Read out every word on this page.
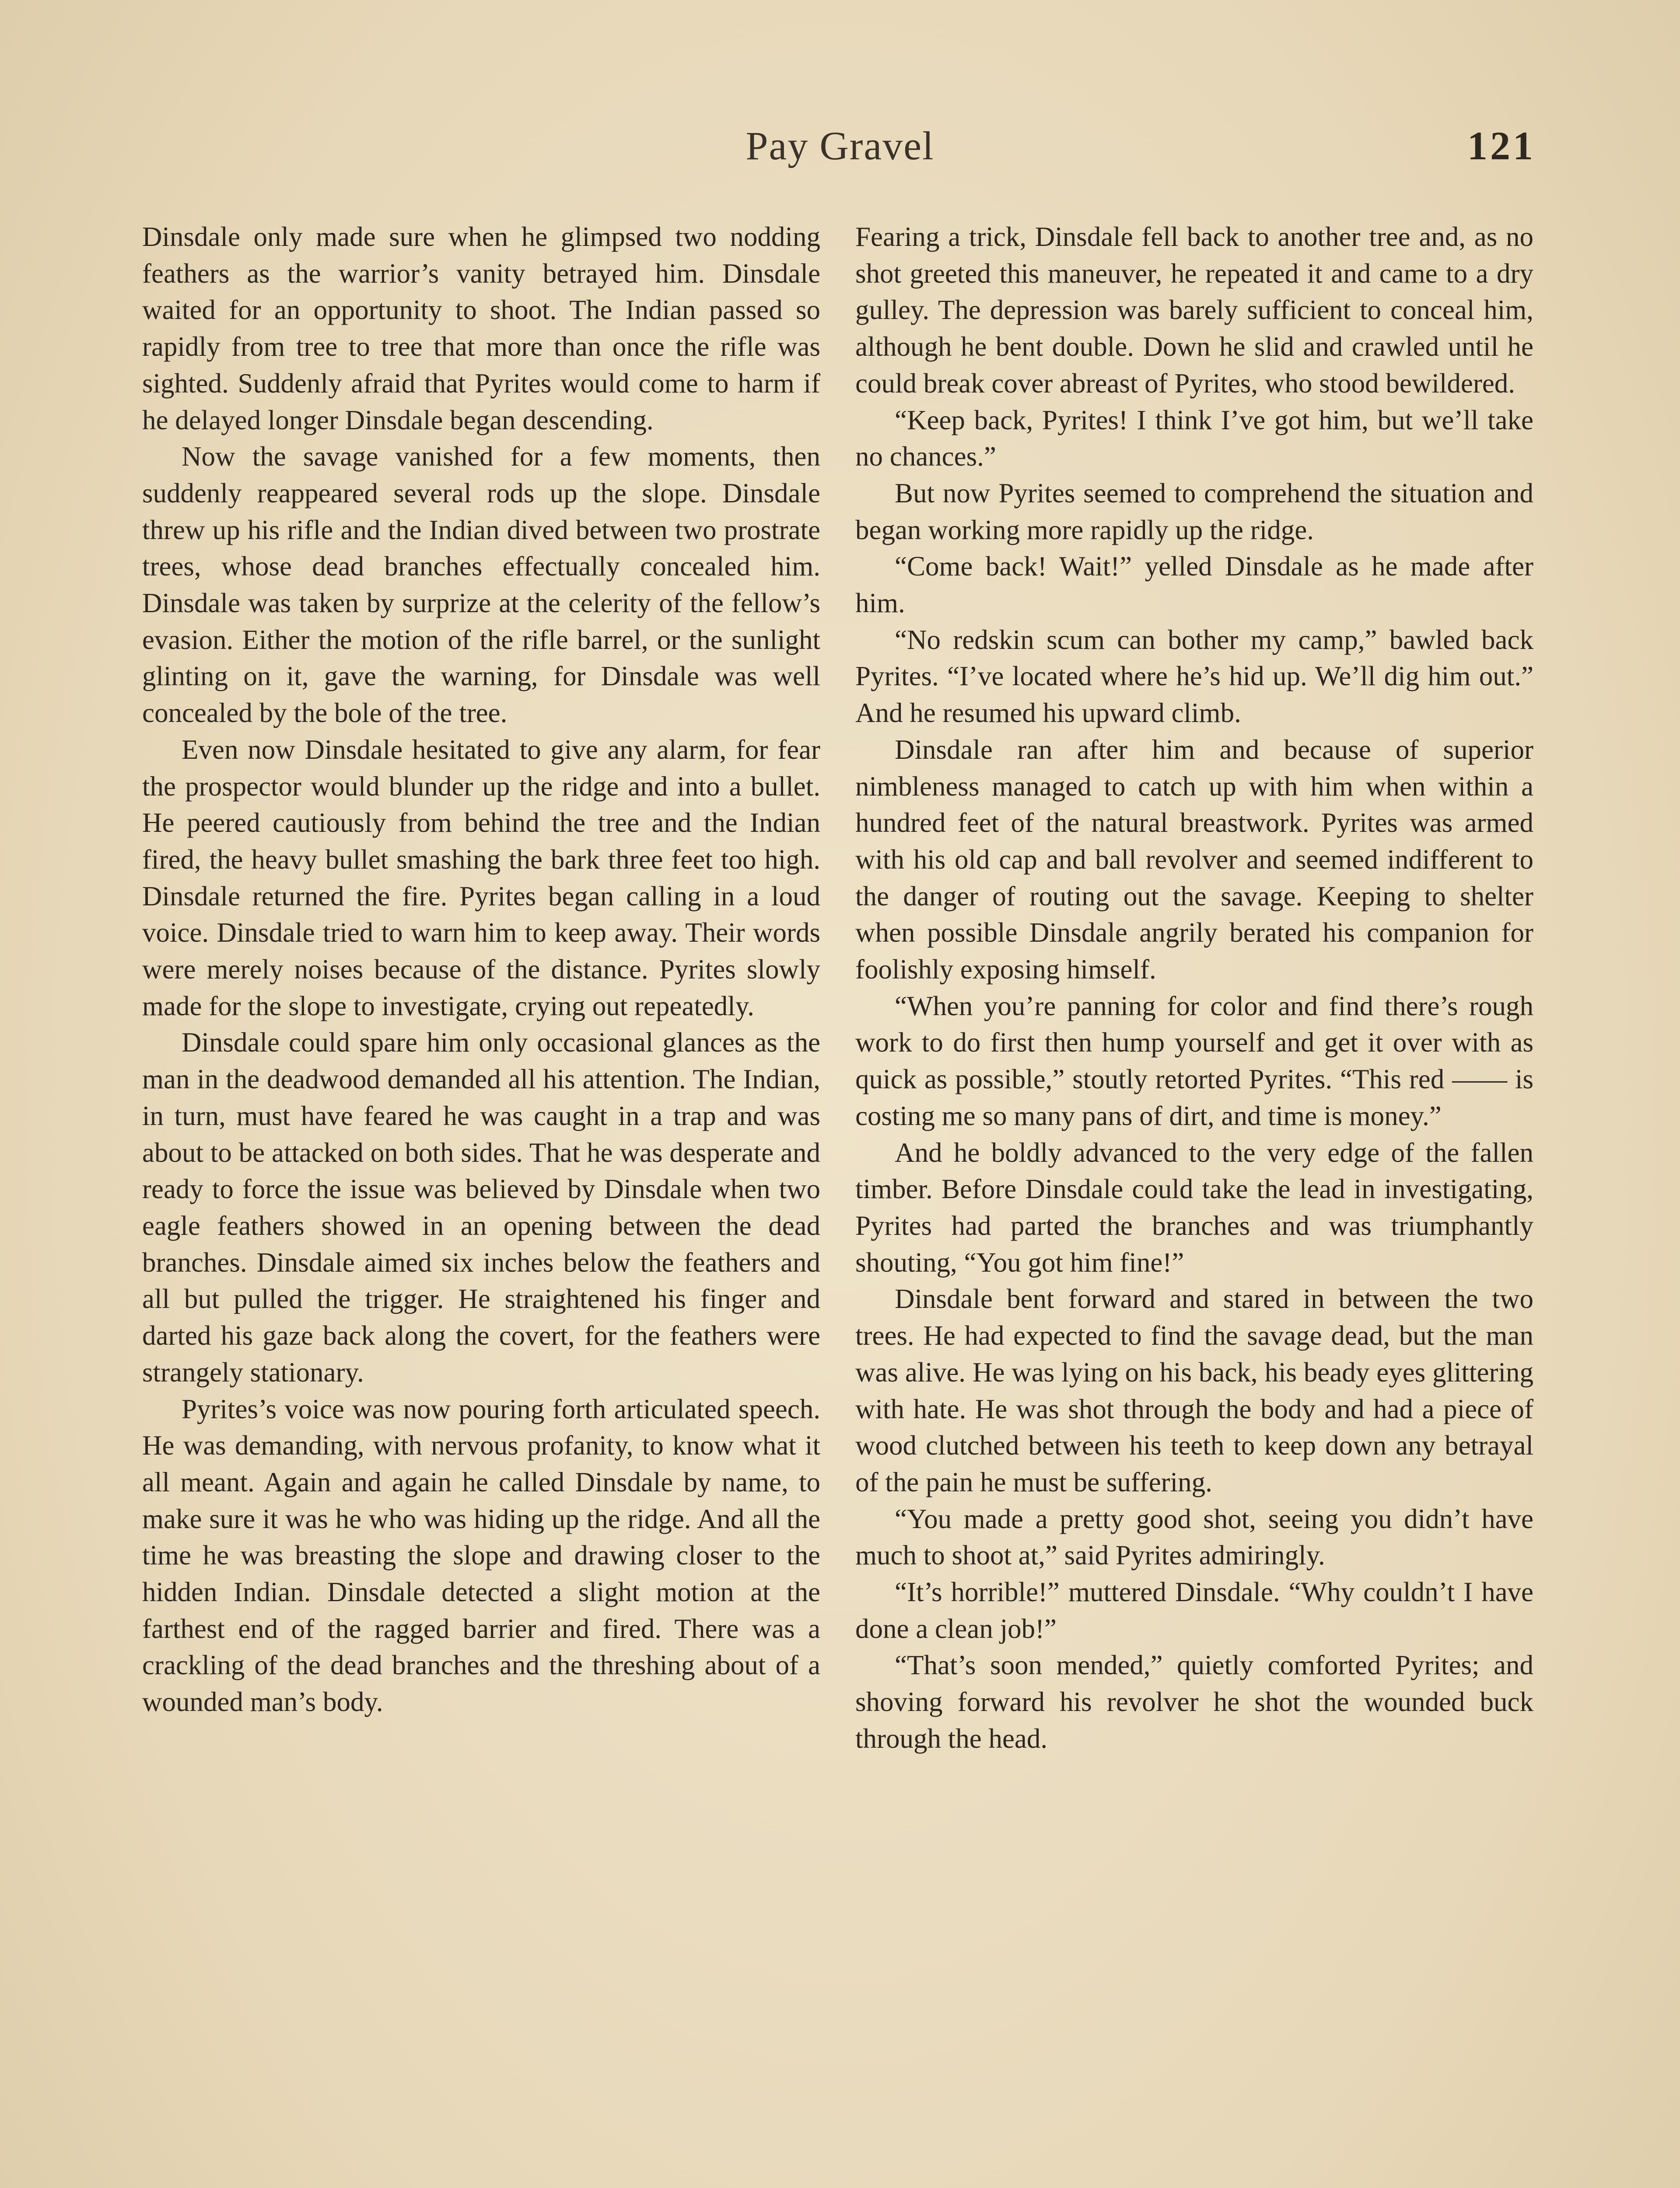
Pay Gravel	121

Dinsdale only made sure when he glimpsed two nodding feathers as the warrior’s vanity betrayed him. Dinsdale waited for an opportunity to shoot. The Indian passed so rapidly from tree to tree that more than once the rifle was sighted. Suddenly afraid that Pyrites would come to harm if he delayed longer Dinsdale began descending.

Now the savage vanished for a few moments, then suddenly reappeared several rods up the slope. Dinsdale threw up his rifle and the Indian dived between two prostrate trees, whose dead branches effectually concealed him. Dinsdale was taken by surprize at the celerity of the fellow’s evasion. Either the motion of the rifle barrel, or the sunlight glinting on it, gave the warning, for Dinsdale was well concealed by the bole of the tree.

Even now Dinsdale hesitated to give any alarm, for fear the prospector would blunder up the ridge and into a bullet. He peered cautiously from behind the tree and the Indian fired, the heavy bullet smashing the bark three feet too high. Dinsdale returned the fire. Pyrites began calling in a loud voice. Dinsdale tried to warn him to keep away. Their words were merely noises because of the distance. Pyrites slowly made for the slope to investigate, crying out repeatedly.

Dinsdale could spare him only occasional glances as the man in the deadwood demanded all his attention. The Indian, in turn, must have feared he was caught in a trap and was about to be attacked on both sides. That he was desperate and ready to force the issue was believed by Dinsdale when two eagle feathers showed in an opening between the dead branches. Dinsdale aimed six inches below the feathers and all but pulled the trigger. He straightened his finger and darted his gaze back along the covert, for the feathers were strangely stationary.

Pyrites’s voice was now pouring forth articulated speech. He was demanding, with nervous profanity, to know what it all meant. Again and again he called Dinsdale by name, to make sure it was he who was hiding up the ridge. And all the time he was breasting the slope and drawing closer to the hidden Indian. Dinsdale detected a slight motion at the farthest end of the ragged barrier and fired. There was a crackling of the dead branches and the threshing about of a wounded man’s body.

Fearing a trick, Dinsdale fell back to another tree and, as no shot greeted this maneuver, he repeated it and came to a dry gulley. The depression was barely sufficient to conceal him, although he bent double. Down he slid and crawled until he could break cover abreast of Pyrites, who stood bewildered.

“Keep back, Pyrites! I think I’ve got him, but we’ll take no chances.”

But now Pyrites seemed to comprehend the situation and began working more rapidly up the ridge.

“Come back! Wait!” yelled Dinsdale as he made after him.

“No redskin scum can bother my camp,” bawled back Pyrites. “I’ve located where he’s hid up. We’ll dig him out.” And he resumed his upward climb.

Dinsdale ran after him and because of superior nimbleness managed to catch up with him when within a hundred feet of the natural breastwork. Pyrites was armed with his old cap and ball revolver and seemed indifferent to the danger of routing out the savage. Keeping to shelter when possible Dinsdale angrily berated his companion for foolishly exposing himself.

“When you’re panning for color and find there’s rough work to do first then hump yourself and get it over with as quick as possible,” stoutly retorted Pyrites. “This red —— is costing me so many pans of dirt, and time is money.”

And he boldly advanced to the very edge of the fallen timber. Before Dinsdale could take the lead in investigating, Pyrites had parted the branches and was triumphantly shouting, “You got him fine!”

Dinsdale bent forward and stared in between the two trees. He had expected to find the savage dead, but the man was alive. He was lying on his back, his beady eyes glittering with hate. He was shot through the body and had a piece of wood clutched between his teeth to keep down any betrayal of the pain he must be suffering.

“You made a pretty good shot, seeing you didn’t have much to shoot at,” said Pyrites admiringly.

“It’s horrible!” muttered Dinsdale. “Why couldn’t I have done a clean job!”

“That’s soon mended,” quietly comforted Pyrites; and shoving forward his revolver he shot the wounded buck through the head.
